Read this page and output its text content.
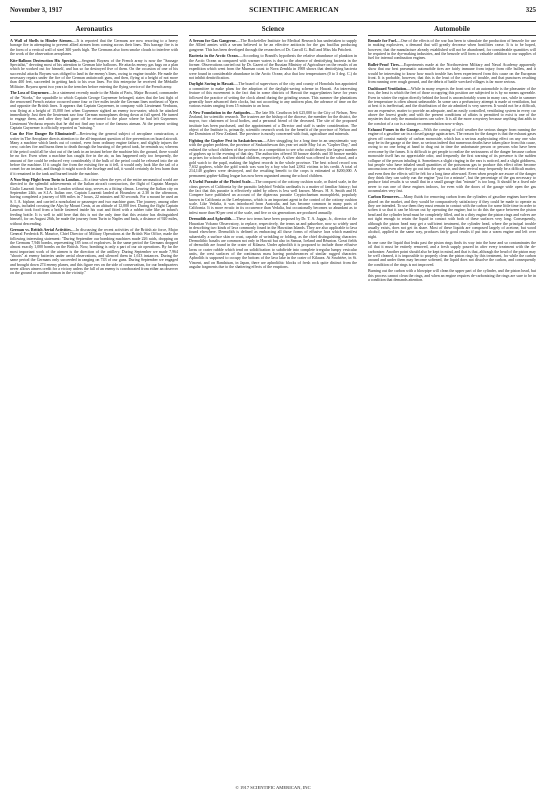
November 3, 1917	SCIENTIFIC AMERICAN	325
Aeronautics

A Wall of Shells to Hinder Airmen.—It is reported that the Germans are now resorting to a heavy barrage fire in attempting to prevent allied airmen from coming across their lines. This barrage fire is in the form of a vertical wall of steel 300 yards high. The Germans also form smoke clouds to interfere with the work of the observation aeroplanes.

Kite-Balloon Destruction His Specialty.—Sergeant Boyaeu of the French army is now the "Sausage Specialist," devoting most of his attention to German kite balloons. He attacks enemy gas bags on a plan which he worked out for himself, and has so far destroyed five of them. On the occasion of one of his successful attacks Boyaeu was obliged to land in the enemy's lines, owing to engine trouble. He made the necessary repairs under the fire of the German antiaircraft guns, and then, flying at a height of not more than 400 feet, succeeded in getting back to his own lines. For this enterprise he received the Médaille Militaire. Boyaeu spent two years in the trenches before entering the flying service of the French army.

The Loss of Guynemer.—In a statement recently made to the Matin of Paris, Major Brocard, commander of the "Storks," the squadrille to which Captain George Guynemer belonged, states that the last fight of the renowned French aviator occurred some four or five miles inside the German lines northeast of Ypres and opposite the British lines. It appears that Captain Guynemer, in company with Lieutenant Verdurau, was flying at a height of 15,000 feet when Guynemer sighted an enemy two-seater, which he attacked immediately. Just then the lieutenant saw four German monoplanes diving down at full speed. He turned to engage them, and after they had gone off he returned to the place where he had left Guynemer. Lieutenant Verdurau reports that he did not find any trace of the famous airman. At the present writing Captain Guynemer is officially reported as "missing."

Can the Fire Danger Be Eliminated?—Reviewing the general subject of aeroplane construction, a writer in The Aeroplane directs attention to the all-important question of fire prevention on board aircraft. Many a machine which lands out of control, even from ordinary engine failure, and slightly injures the crew, catches fire and burns them to death through the bursting of the petrol tank, he reminds us; whereas if the petrol could all be shot out of the tank in an instant before the machine hits the ground, there would be no fire. Even when a machine has caught fire in the air, as has happened only too frequently, the amount of fire could be reduced very considerably if the bulk of the petrol could be released into the air before the machine. If it caught fire from the existing fire as it fell, it would only look like the tail of a comet for an instant, and though it might scorch the fuselage and tail, it would certainly do less harm than if it remained in the tank and burned inside the machine.

A Non-Stop Flight from Turin to London.—At a time when the eyes of the entire aeronautical world are directed to the splendid achievements of the Italian aircraft constructors, the flight of Captain Marquis Giulio Laureati from Turin to London without stop, serves as a fitting climax. Leaving the Italian city on September 24th, an S.I.A. Italian one, Captain Laureati landed at Hounslow at 2.30 in the afternoon, having completed a journey of 606 miles in 7 hours, 22 minutes and 30 seconds. For a mount he used an S. I. A. biplane, and carried a nonchalant or passenger and two machine guns. The journey, among other things, included crossing the Alps by Mount Cenis, at an altitude of 12,000 feet. During the flight Captain Laureati took food from a bottle fastened inside his coat and fitted with a rubber tube like an infant's feeding bottle. It is well to add here that this is not the only time that this aviator has distinguished himself, for on August 26th, he made the journey from Turin to Naples and back, a distance of 920 miles, without descending.

German vs. British Aerial Activities.—In discussing the recent activities of the British air force, Major General Frederick B. Maurice, Chief Director of Military Operations at the British War Office, made the following interesting statement: "During September our bombing machines made 226 raids, dropping on the Germans 7,946 bombs, representing 185 tons of explosives. In the same period the Germans dropped almost exactly 1,000 bombs on the British. Now, bombing is only a part of our air operations. By far the most important work of the airmen is the direction of the artillery. During September we made 7,964 "shoots" at enemy batteries under aerial observations, and silenced them in 1,613 instances. During the same period the Germans only succeeded in ranging on 743 of our guns. During September we engaged and brought down 274 enemy planes, and this figure errs on the side of conservatism, for our headquarters never allows aimers credit for a victory unless the fall of an enemy is corroborated from either an observer on the ground or another airman in the vicinity."

Science

A Serum for Gas Gangrene.—The Rockefeller Institute for Medical Research has undertaken to supply the Allied armies with a serum believed to be an effective antitoxin for the gas bacillus producing gangrene. This has been developed through the researches of Dr. Carroll G. Bull and Miss Ida Pritchett.

Bacteria in the Arctic Ocean.—According to Brandt's hypothesis the relative abundance of plankton in the Arctic Ocean as compared with warmer waters is due to the absence of denitrifying bacteria in the former. Observations carried out by Dr. Gazert of the Russian Ministry of Agriculture on the results of an expedition which went from the Murman coast to Nova Zembla in 1908 shows that denitrifying bacteria were found in considerable abundance in the Arctic Ocean; also that low temperatures (0 to 3 deg. C.) do not inhibit denitrification.

Daylight Saving in Hawaii.—The board of supervisors of the city and county of Honolulu has appointed a committee to make plans for the adoption of the daylight-saving scheme in Hawaii. An interesting feature of this movement is the fact that in some districts of Hawaii the sugar-planters have for years followed the practice of setting the clock ahead during the grinding season. This summer the plantations generally have advanced their clocks, but not according to any uniform plan, the advance of time on the various estates ranging from 15 minutes to an hour.

A New Foundation in the Antipodes.—The late Mr. Cawthron left £25,000 to the City of Nelson, New Zealand, for scientific research. The trustees are the bishop of the diocese, the member for the district, the mayor, two chairmen of local bodies, and a personal friend of the deceased. The site of the proposed institute has been purchased, and the appointment of a Director and staff is under consideration. The object of the Institute is, primarily, scientific research work for the benefit of the province of Nelson and the Dominion of New Zealand. The province is mostly concerned with fruit, agriculture and minerals.

Fighting the Gopher Pest in Saskatchewan.—After struggling for a long time in an unsystematic way with the gopher problem, the province of Saskatchewan this year set aside May 1st as "Gopher Day," and enlisted the school children of the province in a competition to see who could destroy the largest number of gophers up to the evening of that day. The authorities offered 30 bronze shields and 30 bronze medals as prizes for schools and individual children, respectively. A silver shield was offered to the school, and a gold watch to the pupil, making the highest records in the whole province. The best school record was 7,632 gophers, while the gold watch was won by a boy who had 2,062 victims to his credit. A total of 214,140 gophers were destroyed, and the resulting benefit to the crops is estimated at $200,000. A permanent gopher-killing league has now been organized among the school children.

A Useful Parasite of the Fluted Scale.—The conquest of the cottony cushion scale, or fluted scale, in the citrus groves of California by the parasitic ladybird Vedalia cardinalis is a matter of familiar history; but the fact that this parasite is effectively aided by others is less well known. Messrs. H. S. Smith and H. Compere have published an account of the dipterous parasite Cryptochaetum monophlebi, popularly known in California as the Leeleptonus, which is an important agent in the control of the cottony cushion scale. Like Vedalia, it was introduced from Australia, and has become common in many parts of California. It is more erratic in its occurrence than Vedalia, but occasionally becomes so abundant as to infest more than 90 per cent of the scale, and five or six generations are produced annually.

Dermolith and Aphrolith.—These two terms have been proposed by Dr. T. A. Jaggar, Jr., director of the Hawaiian Volcano Observatory, to replace, respectively, the terms aa and pahoehoe, now so widely used in describing two kinds of lava commonly found in the Hawaiian Islands. They are also applicable to lava found elsewhere. Dermolith is defined as embracing all those forms of effusive lava which manifest subaerially a surface skin or crust, capable of wrinkling or folding, as the chief distinguishing character. Dermolithic basalts are common not only in Hawaii but also in Samoa, Iceland and Réunion. Great fields of dermolith are found in the crater of Kilauea. Under aphrolith it is proposed to include those effusive lavas or crater rubble which tend on solidification to subdivide into complete irregular lumpy vesicular units, the crest surfaces of the continuous mass having protuberances of similar rugged character. Aphrolith is supposed to occupy the bottom of the lava lake in the crater of Kilauea. At Soufrière, in St. Vincent, and on Bandaisan, in Japan, there are aphrolithic blocks of fresh rock quite distinct from the angular fragments due to the shattering effects of the eruptions.

Automobile

Benzole for Fuel.—One of the effects of the war has been to stimulate the production of benzole for use in making explosives, a demand that will greatly decrease when hostilities cease. It is to be hoped, however, that the manufacture already established will not be abandoned, for considerable quantities will be required in the dye-making industries, and the benzole will form a valuable addition to our supplies of fuel for internal combustion engines.

Bullet-Proof Tires.—Experiments made at the Northwestern Military and Naval Academy apparently show that our best pneumatic automobile tires are fairly immune from injury from rifle bullets, and it would be interesting to know how much trouble has been experienced from this cause on the European front. It is probable, however, that this is the least of the causes of trouble, and that punctures resulting from running over rough ground, and the debris of battle wrecked villages is far more serious.

Dashboard Ventilation.—While in many respects the front seat of an automobile is the pleasanter of the two, the least is which the feet of those occupying this position are subjected to is by no means agreeable. Even in winter the region directly behind the hood is uncomfortably warm in many cars, while in summer the temperature is often almost unbearable. In some cars a perfunctory attempt is made at ventilation, but at best it is ineffectual, and the distribution of the air admitted is very uneven. It would not be a difficult, nor an expensive, matter to provide an adequate, and an easily controlled, ventilating system in every car above the lowest grade; and with the present conditions of affairs is permitted to exist is one of the mysteries that only the manufacturers can solve. It is all the more a mystery because anything that adds to the comfort of a car is a strong recommendation now-a-days.

Exhaust Fumes in the Garage.—With the coming of cold weather the serious danger from running the engine of a gasoline car in a closed garage again arises. The reason for the danger is that the exhaust gases given off consist mainly of carbon monoxide, which has a serious asphyxiating effect on any one who may be in the garage at the time, so serious indeed that numerous deaths have taken place from this cause, owing to no one being at hand to drag out in time the unfortunate person or persons who have been overcome by the fumes. It is difficult to get people to realize the seriousness of the danger because carbon monoxide itself has no appreciable odor, and frequently the first warning of its presence is the sudden collapse of the person inhaling it. Sometimes a slight ringing in the ears is noticed, and a slight giddiness, but people who have inhaled small quantities of the poisonous gas to produce this effect often become unconscious even after they go out into the open air, and their revival may frequently be a difficult matter, and even then the effects will be felt for a long time afterward. Even when people are aware of the danger they think they can safely run the engine "just for a minute", but the percentage of the gas necessary to produce fatal results is so small that in a small garage that "minute" is too long. It should be a fixed rule never to run one of these engines indoors, for even with the doors of the garage wide open the gas accumulates very fast.

Carbon Removers.—Many fluids for removing carbon from the cylinders of gasoline engines have been placed on the market, and they would be comparatively satisfactory if they could be made to operate as they are intended. To use them they must remain in contact with the carbon for some little time in order to soften it so that it can be blown out by operating the engine; but to do this the space between the piston head and the cylinder head must be completely filled, and in a dirty engine the piston rings and valves are not tight enough to retain the liquid in contact with both of these surfaces very long. Consequently, although the piston head may get a sufficient treatment, the cylinder head, where the principal trouble usually exists, does not get its share. Most of these liquids are composed largely of acetone, but wood alcohol, applied in the same way, produces fairly good results if put into a warm engine and left over night.

In one case the liquid that leaks past the piston rings finds its way into the base and so contaminates the oil that it must be entirely removed, and a fresh supply poured in after every treatment with the de-carbonizer. Another point should also be kept in mind, and that is that, although the head of the piston may be well cleaned, it is impossible to properly clean the piston rings by this treatment, for while the carbon around and under them may become softened, the liquid does not dissolve the carbon, and consequently the condition of the rings is not improved.

Burning out the carbon with a blowpipe will clean the upper part of the cylinder, and the piston head, but this process cannot clean the rings, and when an engine requires de-carbonizing the rings are sure to be in a condition that demands attention.

© 1917 SCIENTIFIC AMERICAN, INC
